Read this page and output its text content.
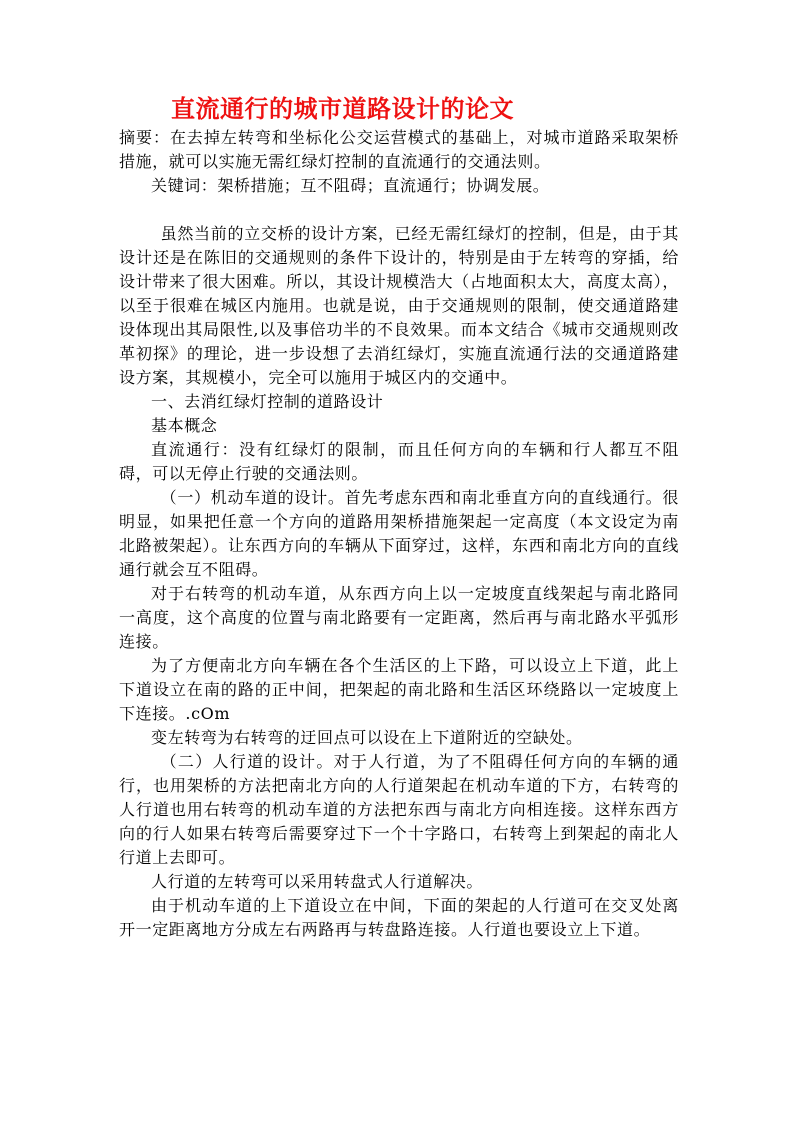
直流通行的城市道路设计的论文

摘要：在去掉左转弯和坐标化公交运营模式的基础上，对城市道路采取架桥措施，就可以实施无需红绿灯控制的直流通行的交通法则。

关键词：架桥措施；互不阻碍；直流通行；协调发展。

虽然当前的立交桥的设计方案，已经无需红绿灯的控制，但是，由于其设计还是在陈旧的交通规则的条件下设计的，特别是由于左转弯的穿插，给设计带来了很大困难。所以，其设计规模浩大（占地面积太大，高度太高），以至于很难在城区内施用。也就是说，由于交通规则的限制，使交通道路建设体现出其局限性,以及事倍功半的不良效果。而本文结合《城市交通规则改革初探》的理论，进一步设想了去消红绿灯，实施直流通行法的交通道路建设方案，其规模小，完全可以施用于城区内的交通中。

一、去消红绿灯控制的道路设计

基本概念

直流通行：没有红绿灯的限制，而且任何方向的车辆和行人都互不阻碍，可以无停止行驶的交通法则。

（一）机动车道的设计。首先考虑东西和南北垂直方向的直线通行。很明显，如果把任意一个方向的道路用架桥措施架起一定高度（本文设定为南北路被架起）。让东西方向的车辆从下面穿过，这样，东西和南北方向的直线通行就会互不阻碍。

对于右转弯的机动车道，从东西方向上以一定坡度直线架起与南北路同一高度，这个高度的位置与南北路要有一定距离，然后再与南北路水平弧形连接。

为了方便南北方向车辆在各个生活区的上下路，可以设立上下道，此上下道设立在南的路的正中间，把架起的南北路和生活区环绕路以一定坡度上下连接。.cOm

变左转弯为右转弯的迂回点可以设在上下道附近的空缺处。

（二）人行道的设计。对于人行道，为了不阻碍任何方向的车辆的通行，也用架桥的方法把南北方向的人行道架起在机动车道的下方，右转弯的人行道也用右转弯的机动车道的方法把东西与南北方向相连接。这样东西方向的行人如果右转弯后需要穿过下一个十字路口，右转弯上到架起的南北人行道上去即可。

人行道的左转弯可以采用转盘式人行道解决。

由于机动车道的上下道设立在中间，下面的架起的人行道可在交叉处离开一定距离地方分成左右两路再与转盘路连接。人行道也要设立上下道。
